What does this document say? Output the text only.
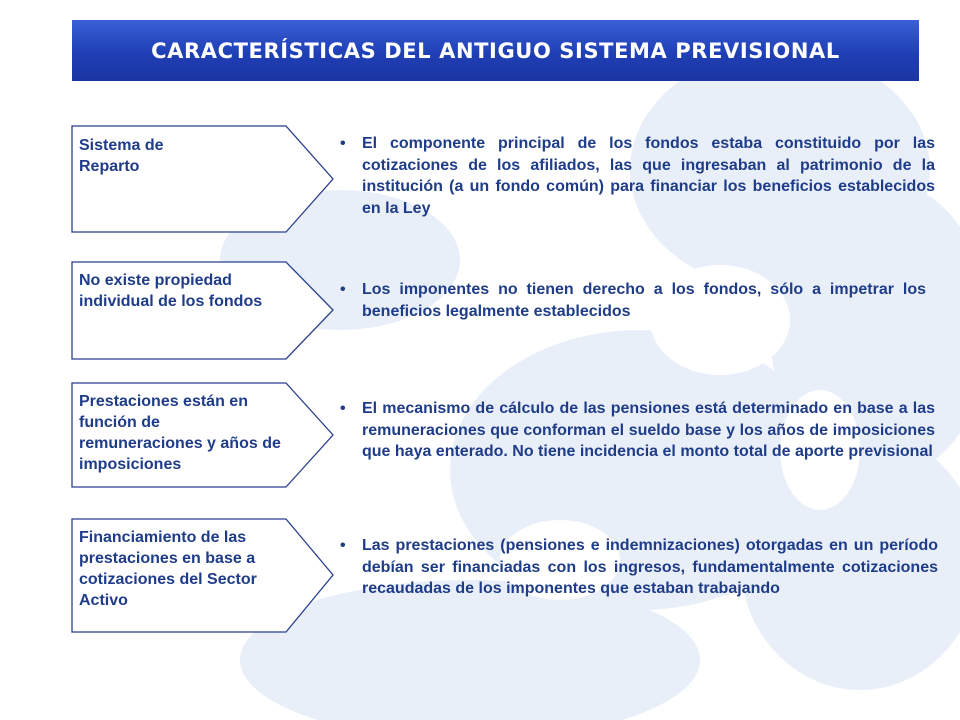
CARACTERÍSTICAS DEL ANTIGUO SISTEMA PREVISIONAL
Sistema de Reparto
• El componente principal de los fondos estaba constituido por las cotizaciones de los afiliados, las que ingresaban al patrimonio de la institución (a un fondo común) para financiar los beneficios establecidos en la Ley

No existe propiedad individual de los fondos
• Los imponentes no tienen derecho a los fondos, sólo a impetrar los beneficios legalmente establecidos

Prestaciones están en función de remuneraciones y años de imposiciones
• El mecanismo de cálculo de las pensiones está determinado en base a las remuneraciones que conforman el sueldo base y los años de imposiciones que haya enterado. No tiene incidencia el monto total de aporte previsional

Financiamiento de las prestaciones en base a cotizaciones del Sector Activo
• Las prestaciones (pensiones e indemnizaciones) otorgadas en un período debían ser financiadas con los ingresos, fundamentalmente cotizaciones recaudadas de los imponentes que estaban trabajando
